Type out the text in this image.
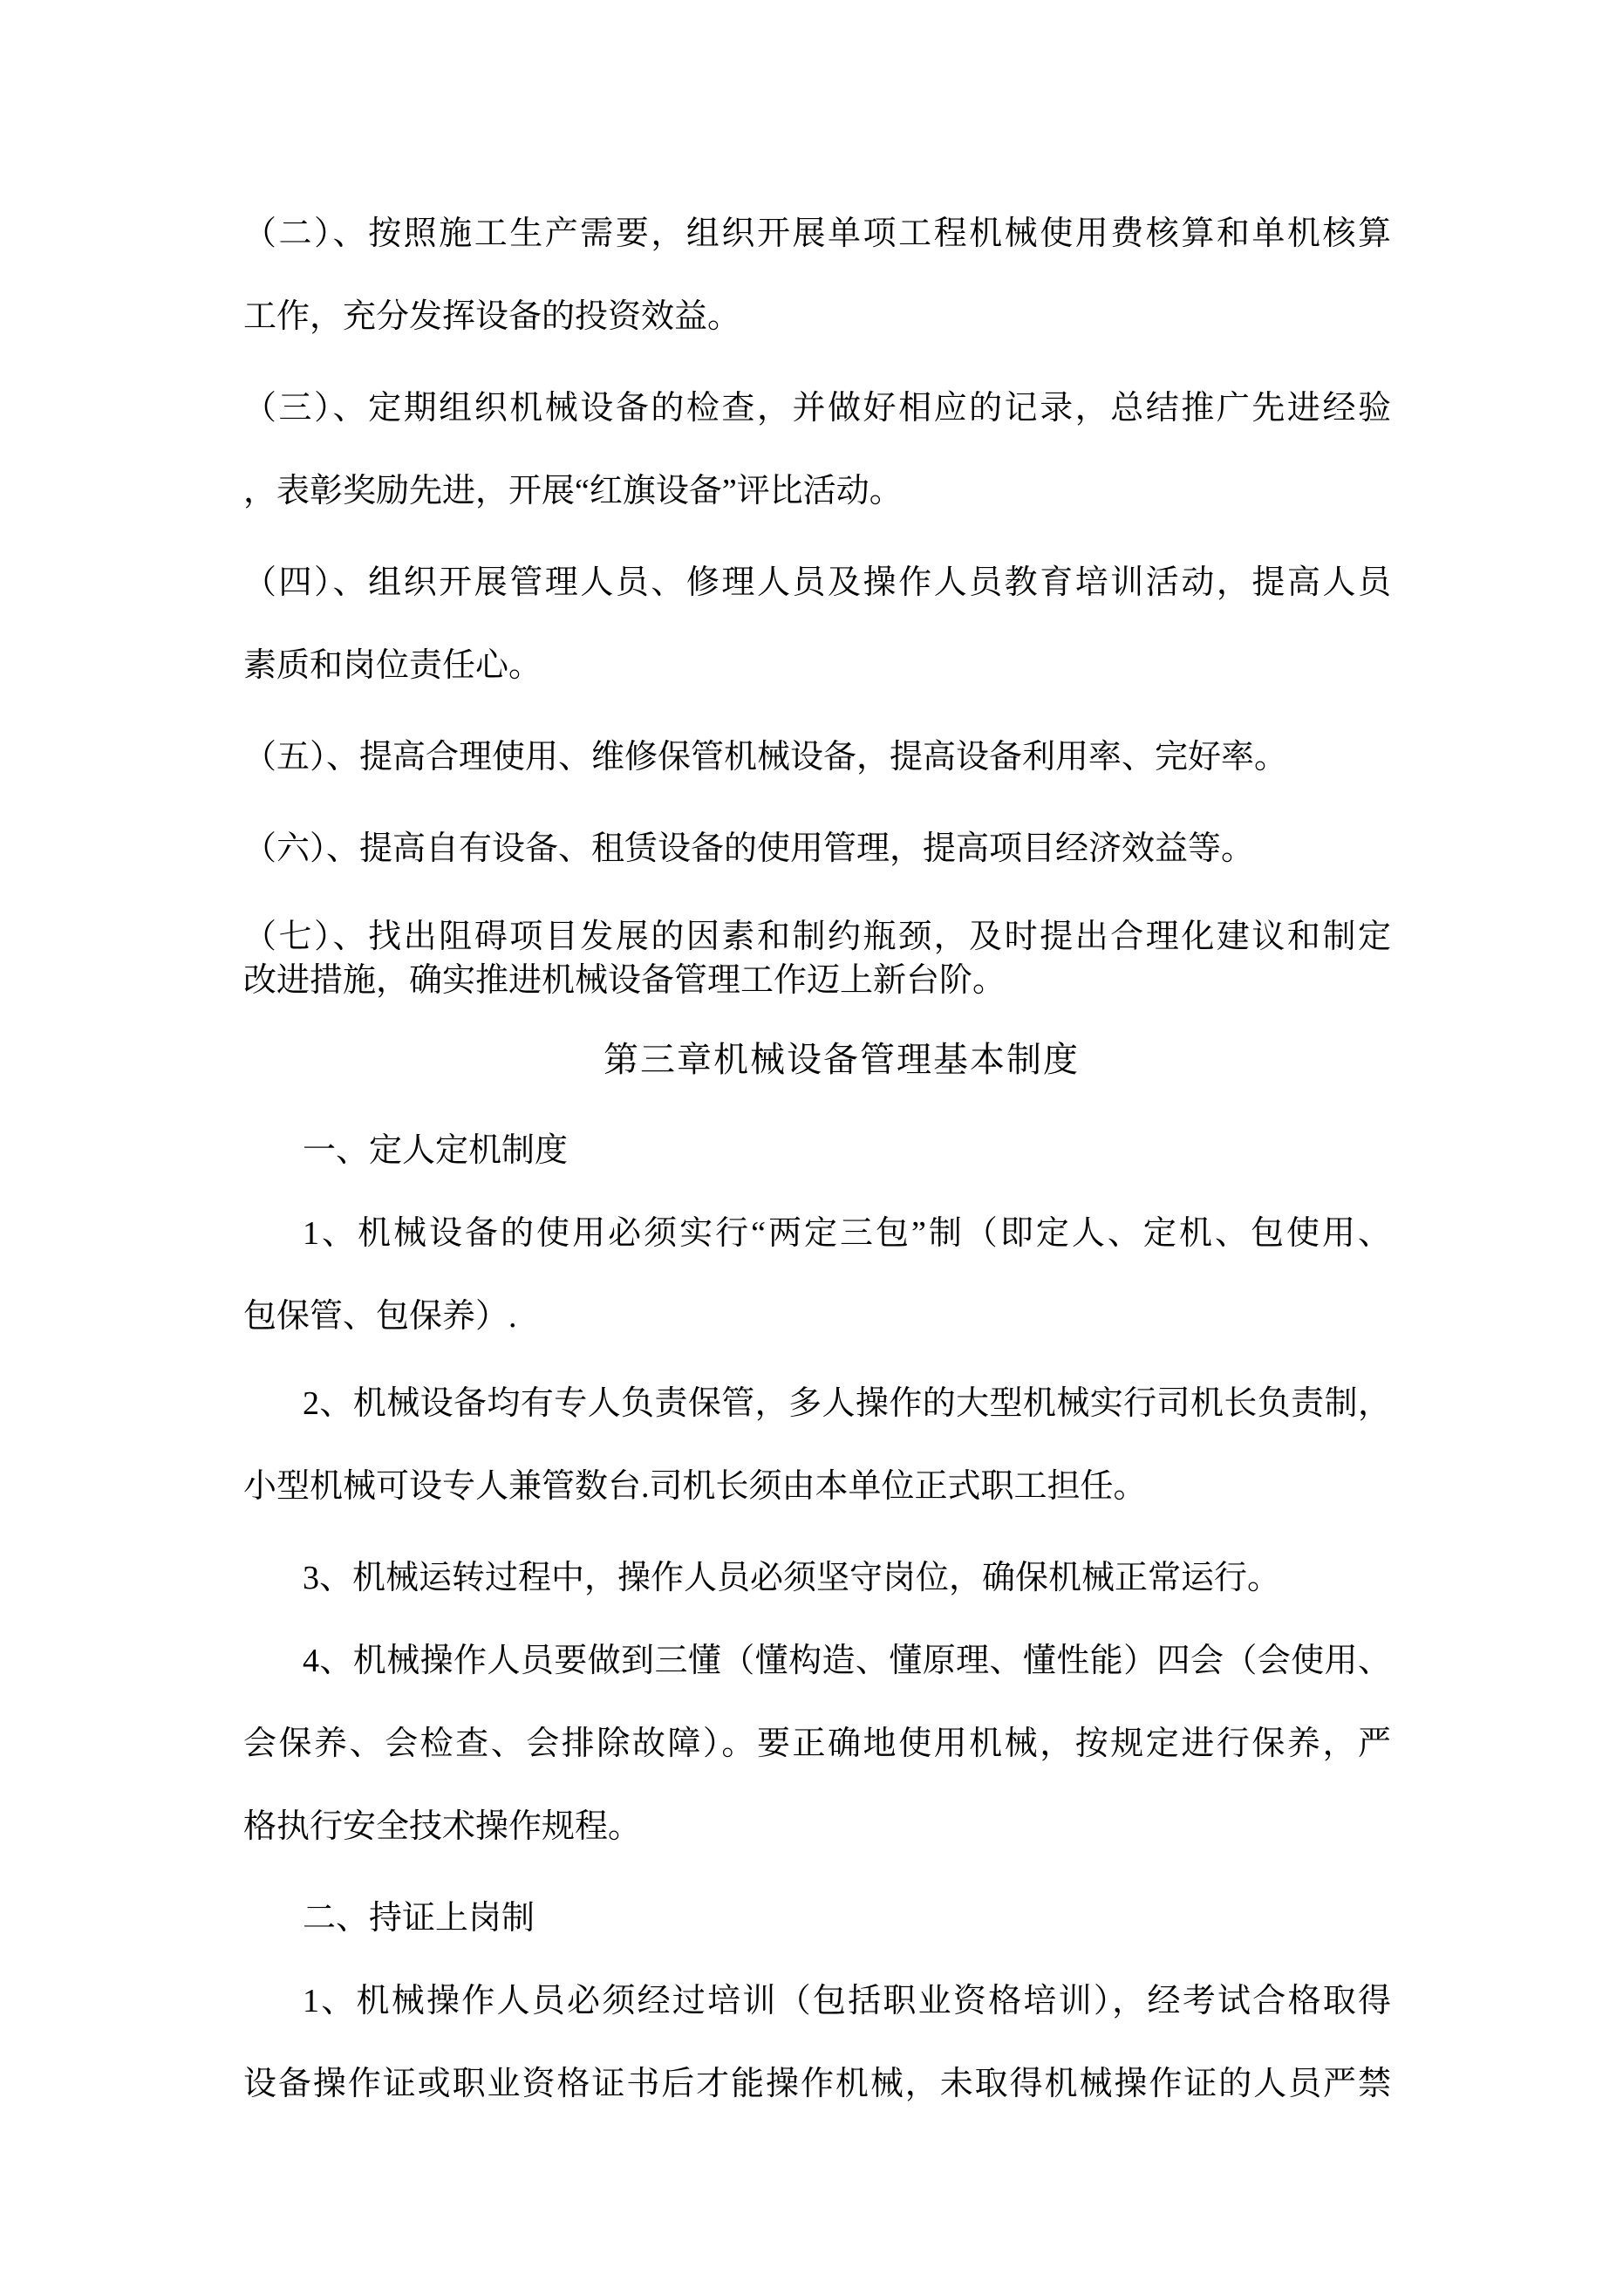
（二）、按照施工生产需要，组织开展单项工程机械使用费核算和单机核算
工作，充分发挥设备的投资效益。
（三）、定期组织机械设备的检查，并做好相应的记录，总结推广先进经验
，表彰奖励先进，开展“红旗设备”评比活动。
（四）、组织开展管理人员、修理人员及操作人员教育培训活动，提高人员
素质和岗位责任心。
（五）、提高合理使用、维修保管机械设备，提高设备利用率、完好率。
（六）、提高自有设备、租赁设备的使用管理，提高项目经济效益等。
（七）、找出阻碍项目发展的因素和制约瓶颈，及时提出合理化建议和制定
改进措施，确实推进机械设备管理工作迈上新台阶。
第三章机械设备管理基本制度
一、定人定机制度
1、机械设备的使用必须实行“两定三包”制（即定人、定机、包使用、
包保管、包保养）.
2、机械设备均有专人负责保管，多人操作的大型机械实行司机长负责制，
小型机械可设专人兼管数台.司机长须由本单位正式职工担任。
3、机械运转过程中，操作人员必须坚守岗位，确保机械正常运行。
4、机械操作人员要做到三懂（懂构造、懂原理、懂性能）四会（会使用、
会保养、会检查、会排除故障）。要正确地使用机械，按规定进行保养，严
格执行安全技术操作规程。
二、持证上岗制
1、机械操作人员必须经过培训（包括职业资格培训），经考试合格取得
设备操作证或职业资格证书后才能操作机械，未取得机械操作证的人员严禁
